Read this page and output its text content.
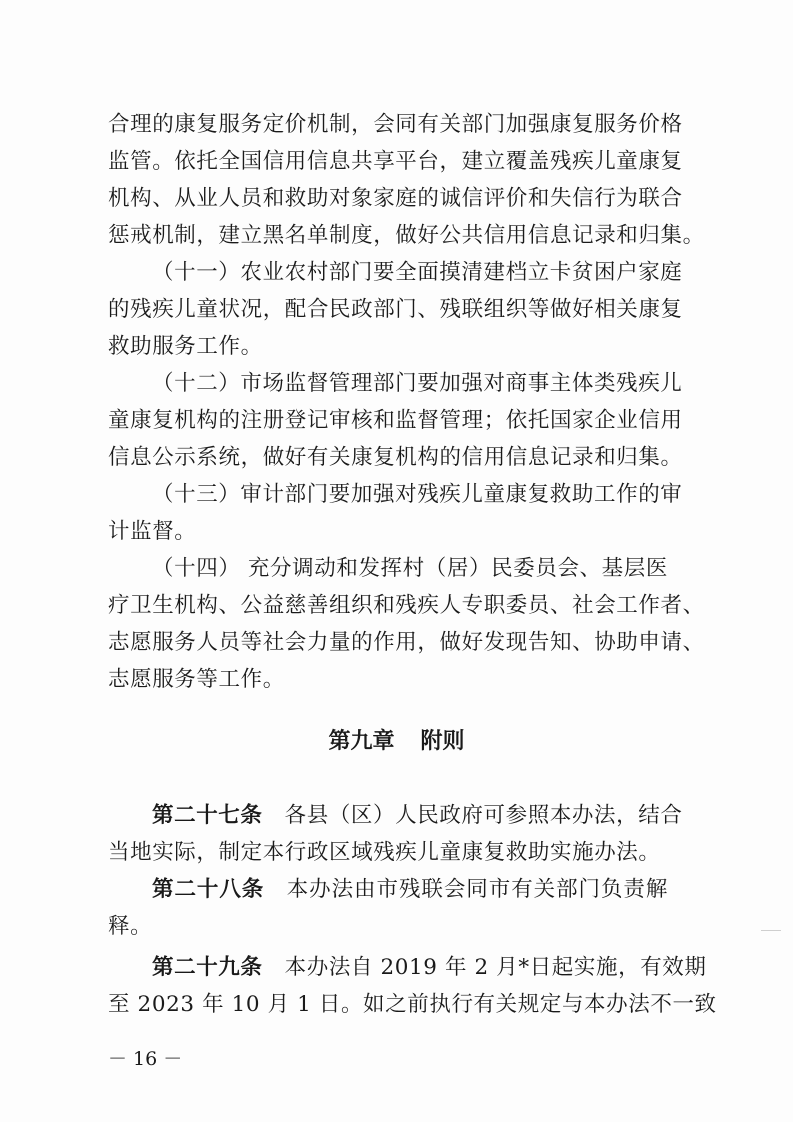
合理的康复服务定价机制，会同有关部门加强康复服务价格
监管。依托全国信用信息共享平台，建立覆盖残疾儿童康复
机构、从业人员和救助对象家庭的诚信评价和失信行为联合
惩戒机制，建立黑名单制度，做好公共信用信息记录和归集。
（十一）农业农村部门要全面摸清建档立卡贫困户家庭
的残疾儿童状况，配合民政部门、残联组织等做好相关康复
救助服务工作。
（十二）市场监督管理部门要加强对商事主体类残疾儿
童康复机构的注册登记审核和监督管理；依托国家企业信用
信息公示系统，做好有关康复机构的信用信息记录和归集。
（十三）审计部门要加强对残疾儿童康复救助工作的审
计监督。
（十四） 充分调动和发挥村（居）民委员会、基层医
疗卫生机构、公益慈善组织和残疾人专职委员、社会工作者、
志愿服务人员等社会力量的作用，做好发现告知、协助申请、
志愿服务等工作。
第九章 附则
第二十七条　 各县（区）人民政府可参照本办法，结合
当地实际，制定本行政区域残疾儿童康复救助实施办法。
第二十八条　 本办法由市残联会同市有关部门负责解
释。
第二十九条　 本办法自 2019 年 2 月*日起实施，有效期
至 2023 年 10 月 1 日。如之前执行有关规定与本办法不一致
－ 16 －
